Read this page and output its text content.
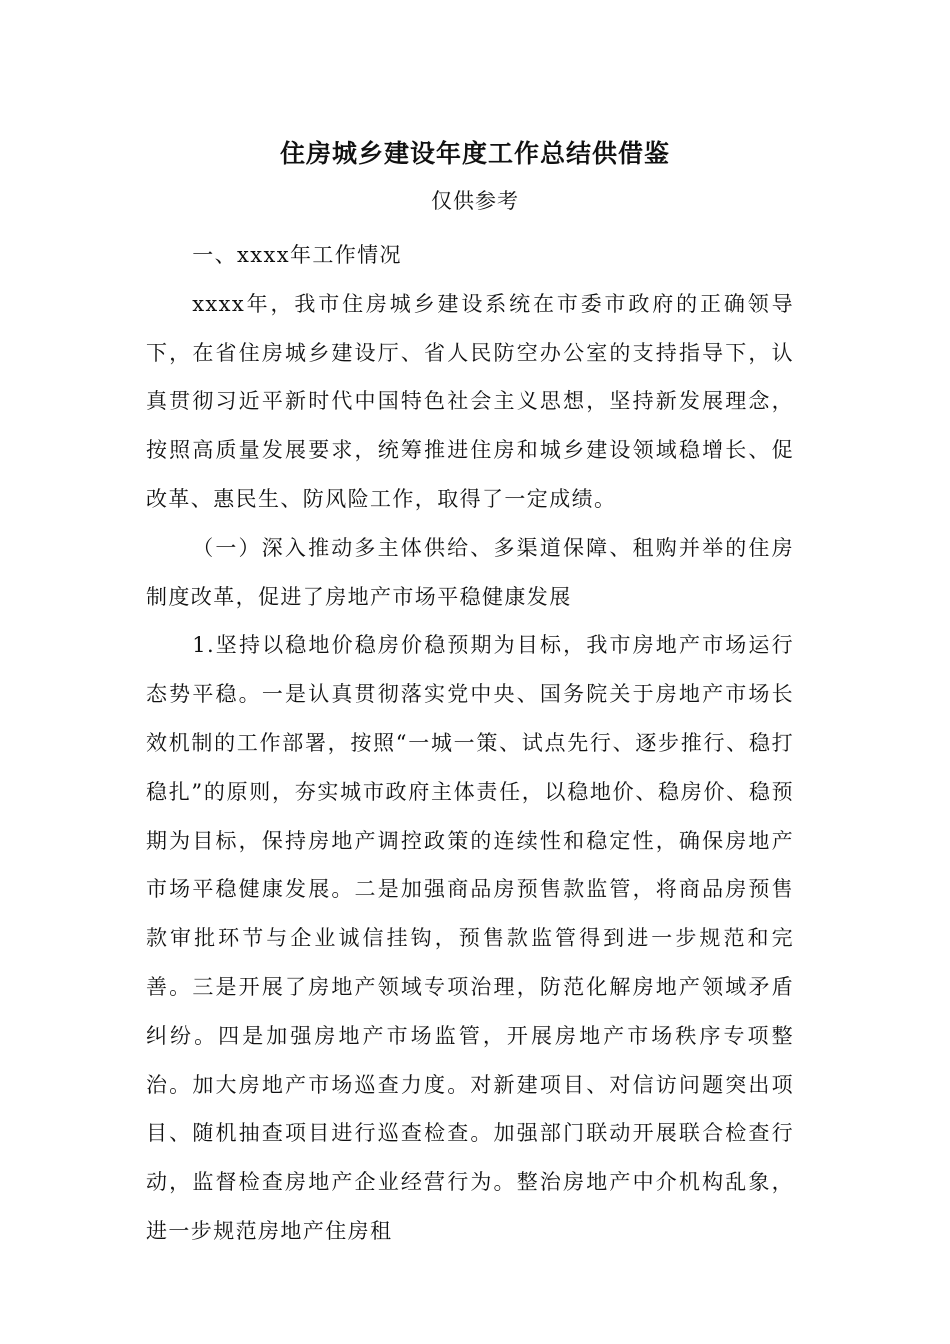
住房城乡建设年度工作总结供借鉴
仅供参考

一、xxxx年工作情况

xxxx年，我市住房城乡建设系统在市委市政府的正确领导下，在省住房城乡建设厅、省人民防空办公室的支持指导下，认真贯彻习近平新时代中国特色社会主义思想，坚持新发展理念，按照高质量发展要求，统筹推进住房和城乡建设领域稳增长、促改革、惠民生、防风险工作，取得了一定成绩。

（一）深入推动多主体供给、多渠道保障、租购并举的住房制度改革，促进了房地产市场平稳健康发展

1.坚持以稳地价稳房价稳预期为目标，我市房地产市场运行态势平稳。一是认真贯彻落实党中央、国务院关于房地产市场长效机制的工作部署，按照“一城一策、试点先行、逐步推行、稳打稳扎”的原则，夯实城市政府主体责任，以稳地价、稳房价、稳预期为目标，保持房地产调控政策的连续性和稳定性，确保房地产市场平稳健康发展。二是加强商品房预售款监管，将商品房预售款审批环节与企业诚信挂钩，预售款监管得到进一步规范和完善。三是开展了房地产领域专项治理，防范化解房地产领域矛盾纠纷。四是加强房地产市场监管，开展房地产市场秩序专项整治。加大房地产市场巡查力度。对新建项目、对信访问题突出项目、随机抽查项目进行巡查检查。加强部门联动开展联合检查行动，监督检查房地产企业经营行为。整治房地产中介机构乱象，进一步规范房地产住房租
